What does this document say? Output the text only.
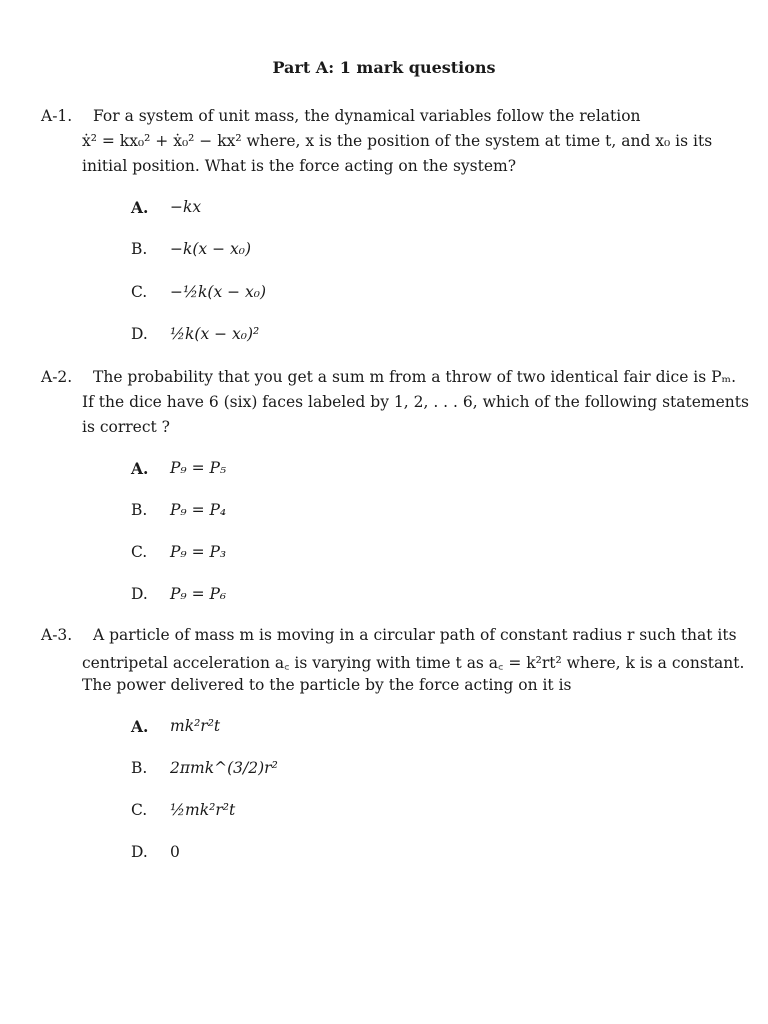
Part A: 1 mark questions
A-1. For a system of unit mass, the dynamical variables follow the relation
ẋ² = kx₀² + ẋ₀² − kx² where, x is the position of the system at time t, and x₀ is its
initial position. What is the force acting on the system?
A. −kx
B. −k(x − x₀)
C. −½k(x − x₀)
D. ½k(x − x₀)²
A-2. The probability that you get a sum m from a throw of two identical fair dice is Pₘ.
If the dice have 6 (six) faces labeled by 1, 2, . . . 6, which of the following statements
is correct ?
A. P₉ = P₅
B. P₉ = P₄
C. P₉ = P₃
D. P₉ = P₆
A-3. A particle of mass m is moving in a circular path of constant radius r such that its
centripetal acceleration a꜀ is varying with time t as a꜀ = k²rt² where, k is a constant.
The power delivered to the particle by the force acting on it is
A. mk²r²t
B. 2πmk^(3/2)r²
C. ½mk²r²t
D. 0
